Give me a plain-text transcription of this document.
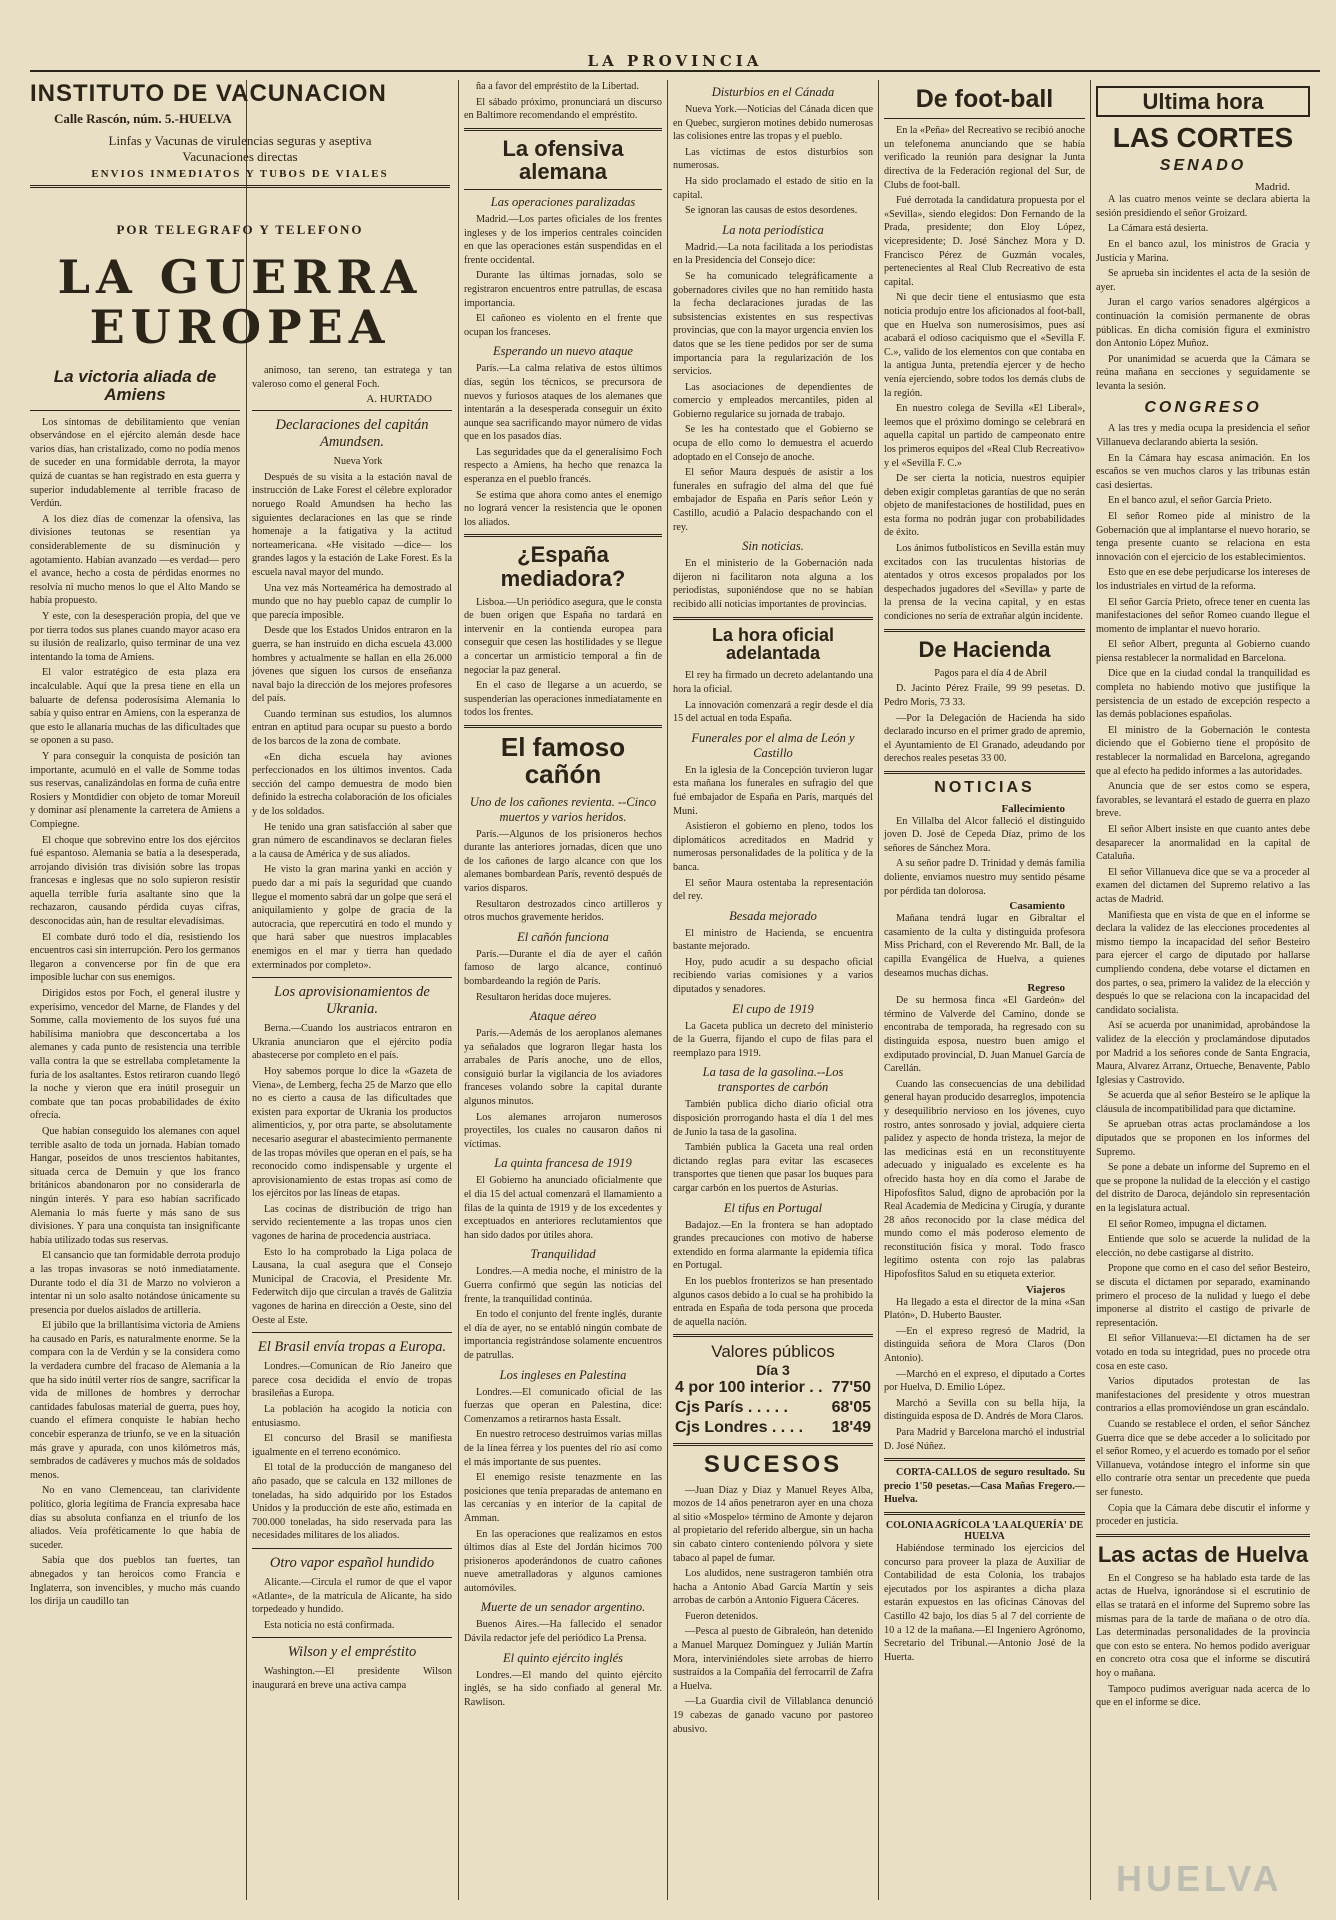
LA PROVINCIA
INSTITUTO DE VACUNACION
Calle Rascón, núm. 5.-HUELVA
Linfas y Vacunas de virulencias seguras y aseptiva
Vacunaciones directas
ENVIOS INMEDIATOS Y TUBOS DE VIALES
POR TELEGRAFO Y TELEFONO
LA GUERRA
EUROPEA
La victoria aliada de Amiens

Los síntomas de debilitamiento que venían observándose en el ejército alemán desde hace varios días, han cristalizado, como no podía menos de suceder en una formidable derrota, la mayor quizá de cuantas se han registrado en esta guerra y superior indudablemente al terrible fracaso de Verdún.

A los diez días de comenzar la ofensiva, las divisiones teutonas se resentían ya considerablemente de su disminución y agotamiento. Habían avanzado —es verdad— pero el avance, hecho a costa de pérdidas enormes no resolvía ni mucho menos lo que el Alto Mando se había propuesto.

Y este, con la desesperación propia, del que ve por tierra todos sus planes cuando mayor acaso era su ilusión de realizarlo, quiso terminar de una vez intentando la toma de Amiens.

El valor estratégico de esta plaza era incalculable. Aquí que la presa tiene en ella un baluarte de defensa poderosísima Alemania lo sabía y quiso entrar en Amiens, con la esperanza de que esto le allanaría muchas de las dificultades que se oponen a su paso.

Y para conseguir la conquista de posición tan importante, acumuló en el valle de Somme todas sus reservas, canalizándolas en forma de cuña entre Rosiers y Montdidier con objeto de tomar Moreuil y dominar así plenamente la carretera de Amiens a Compiegne.

El choque que sobrevino entre los dos ejércitos fué espantoso. Alemania se batía a la desesperada, arrojando división tras división sobre las tropas francesas e inglesas que no solo supieron resistir aquella terrible furia asaltante sino que la rechazaron, causando pérdida cuyas cifras, desconocidas aún, han de resultar elevadísimas.

El combate duró todo el día, resistiendo los encuentros casi sin interrupción. Pero los germanos llegaron a convencerse por fin de que era imposible luchar con sus enemigos.

Dirigidos estos por Foch, el general ilustre y experísimo, vencedor del Marne, de Flandes y del Somme, calla moviemento de los suyos fué una habilísima maniobra que desconcertaba a los alemanes y cada punto de resistencia una terrible valla contra la que se estrellaba completamente la furia de los asaltantes. Estos retiraron cuando llegó la noche y vieron que era inútil proseguir un combate que tan pocas probabilidades de éxito ofrecía.

Que habían conseguido los alemanes con aquel terrible asalto de toda un jornada. Habían tomado Hangar, poseídos de unos trescientos habitantes, situada cerca de Demuin y que los franco británicos abandonaron por no considerarla de ningún interés. Y para eso habían sacrificado Alemania lo más fuerte y más sano de sus divisiones. Y para una conquista tan insignificante había utilizado todas sus reservas.

El cansancio que tan formidable derrota produjo a las tropas invasoras se notó inmediatamente. Durante todo el día 31 de Marzo no volvieron a intentar ni un solo asalto notándose únicamente su presencia por duelos aislados de artillería.

El júbilo que la brillantísima victoria de Amiens ha causado en París, es naturalmente enorme. Se la compara con la de Verdún y se la considera como la verdadera cumbre del fracaso de Alemania a la que ha sido inútil verter ríos de sangre, sacrificar la vida de millones de hombres y derrochar cantidades fabulosas material de guerra, pues hoy, cuando el efímera conquiste le habían hecho concebir esperanza de triunfo, se ve en la situación más grave y apurada, con unos kilómetros más, sembrados de cadáveres y muchos más de soldados menos.

No en vano Clemenceau, tan clarividente político, gloria legítima de Francia expresaba hace días su absoluta confianza en el triunfo de los aliados. Veía proféticamente lo que había de suceder.

Sabía que dos pueblos tan fuertes, tan abnegados y tan heroicos como Francia e Inglaterra, son invencibles, y mucho más cuando los dirija un caudillo tan

animoso, tan sereno, tan estratega y tan valeroso como el general Foch.

A. HURTADO
Declaraciones del capitán Amundsen.

Nueva York

Después de su visita a la estación naval de instrucción de Lake Forest el célebre explorador noruego Roald Amundsen ha hecho las siguientes declaraciones en las que se rinde homenaje a la fatigativa y la actitud norteamericana. «He visitado —dice— los grandes lagos y la estación de Lake Forest. Es la escuela naval mayor del mundo.

Una vez más Norteamérica ha demostrado al mundo que no hay pueblo capaz de cumplir lo que parecía imposible.

Desde que los Estados Unidos entraron en la guerra, se han instruido en dicha escuela 43.000 hombres y actualmente se hallan en ella 26.000 jóvenes que siguen los cursos de enseñanza naval bajo la dirección de los mejores profesores del país.

Cuando terminan sus estudios, los alumnos entran en aptitud para ocupar su puesto a bordo de los barcos de la zona de combate.

«En dicha escuela hay aviones perfeccionados en los últimos inventos. Cada sección del campo demuestra de modo bien definido la estrecha colaboración de los oficiales y de los soldados.

He tenido una gran satisfacción al saber que gran número de escandinavos se declaran fieles a la causa de América y de sus aliados.

He visto la gran marina yanki en acción y puedo dar a mi país la seguridad que cuando llegue el momento sabrá dar un golpe que será el aniquilamiento y golpe de gracia de la autocracia, que repercutirá en todo el mundo y que hará saber que nuestros implacables enemigos en el mar y tierra han quedado exterminados por completo».

Los aprovisionamientos de Ukrania.

Berna.—Cuando los austriacos entraron en Ukrania anunciaron que el ejército podía abastecerse por completo en el país.

Hoy sabemos porque lo dice la «Gazeta de Viena», de Lemberg, fecha 25 de Marzo que ello no es cierto a causa de las dificultades que existen para exportar de Ukrania los productos alimenticios, y, por otra parte, se absolutamente necesario asegurar el abastecimiento permanente de las tropas móviles que operan en el país, se ha reconocido como indispensable y urgente el aprovisionamiento de estas tropas así como de los ejércitos por las líneas de etapas.

Las cocinas de distribución de trigo han servido recientemente a las tropas unos cien vagones de harina de procedencia austriaca.

Esto lo ha comprobado la Liga polaca de Lausana, la cual asegura que el Consejo Municipal de Cracovia, el Presidente Mr. Federwitch dijo que circulan a través de Galitzia vagones de harina en dirección a Oeste, sino del Oeste al Este.

El Brasil envía tropas a Europa.

Londres.—Comunican de Río Janeiro que parece cosa decidida el envío de tropas brasileñas a Europa.

La población ha acogido la noticia con entusiasmo.

El concurso del Brasil se manifiesta igualmente en el terreno económico.

El total de la producción de manganeso del año pasado, que se calcula en 132 millones de toneladas, ha sido adquirido por los Estados Unidos y la producción de este año, estimada en 700.000 toneladas, ha sido reservada para las necesidades militares de los aliados.

Otro vapor español hundido

Alicante.—Circula el rumor de que el vapor «Atlante», de la matrícula de Alicante, ha sido torpedeado y hundido.

Esta noticia no está confirmada.

Wilson y el empréstito

Washington.—El presidente Wilson inaugurará en breve una activa campa

ña a favor del empréstito de la Libertad.

El sábado próximo, pronunciará un discurso en Baltimore recomendando el empréstito.

La ofensiva alemana
Las operaciones paralizadas

Madrid.—Los partes oficiales de los frentes ingleses y de los imperios centrales coinciden en que las operaciones están suspendidas en el frente occidental.

Durante las últimas jornadas, solo se registraron encuentros entre patrullas, de escasa importancia.

El cañoneo es violento en el frente que ocupan los franceses.

Esperando un nuevo ataque

París.—La calma relativa de estos últimos días, según los técnicos, se precursora de nuevos y furiosos ataques de los alemanes que intentarán a la desesperada conseguir un éxito aunque sea sacrificando mayor número de vidas que en los pasados días.

Las seguridades que da el generalísimo Foch respecto a Amiens, ha hecho que renazca la esperanza en el pueblo francés.

Se estima que ahora como antes el enemigo no logrará vencer la resistencia que le oponen los aliados.

¿España mediadora?

Lisboa.—Un periódico asegura, que le consta de buen origen que España no tardará en intervenir en la contienda europea para conseguir que cesen las hostilidades y se llegue a concertar un armisticio temporal a fin de negociar la paz general.

En el caso de llegarse a un acuerdo, se suspenderían las operaciones inmediatamente en todos los frentes.

El famoso cañón
Uno de los cañones revienta. --Cinco muertos y varios heridos.

París.—Algunos de los prisioneros hechos durante las anteriores jornadas, dicen que uno de los cañones de largo alcance con que los alemanes bombardean París, reventó después de varios disparos.

Resultaron destrozados cinco artilleros y otros muchos gravemente heridos.

El cañón funciona

París.—Durante el día de ayer el cañón famoso de largo alcance, continuó bombardeando la región de París.

Resultaron heridas doce mujeres.

Ataque aéreo

París.—Además de los aeroplanos alemanes ya señalados que lograron llegar hasta los arrabales de París anoche, uno de ellos, consiguió burlar la vigilancia de los aviadores franceses volando sobre la capital durante algunos minutos.

Los alemanes arrojaron numerosos proyectiles, los cuales no causaron daños ni víctimas.

La quinta francesa de 1919

El Gobierno ha anunciado oficialmente que el día 15 del actual comenzará el llamamiento a filas de la quinta de 1919 y de los excedentes y exceptuados en anteriores reclutamientos que han sido dados por útiles ahora.

Tranquilidad

Londres.—A media noche, el ministro de la Guerra confirmó que según las noticias del frente, la tranquilidad continúa.

En todo el conjunto del frente inglés, durante el día de ayer, no se entabló ningún combate de importancia registrándose solamente encuentros de patrullas.

Los ingleses en Palestina

Londres.—El comunicado oficial de las fuerzas que operan en Palestina, dice: Comenzamos a retirarnos hasta Essalt.

En nuestro retroceso destruimos varias millas de la línea férrea y los puentes del río así como el más importante de sus puentes.

El enemigo resiste tenazmente en las posiciones que tenía preparadas de antemano en las cercanías y en interior de la capital de Amman.

En las operaciones que realizamos en estos últimos días al Este del Jordán hicimos 700 prisioneros apoderándonos de cuatro cañones nueve ametralladoras y algunos camiones automóviles.

Muerte de un senador argentino.

Buenos Aires.—Ha fallecido el senador Dávila redactor jefe del periódico La Prensa.

El quinto ejército inglés

Londres.—El mando del quinto ejército inglés, se ha sido confiado al general Mr. Rawlison.

Disturbios en el Cánada

Nueva York.—Noticias del Cánada dicen que en Quebec, surgieron motines debido numerosas las colisiones entre las tropas y el pueblo.

Las víctimas de estos disturbios son numerosas.

Ha sido proclamado el estado de sitio en la capital.

Se ignoran las causas de estos desordenes.

La nota periodística

Madrid.—La nota facilitada a los periodistas en la Presidencia del Consejo dice:

Se ha comunicado telegráficamente a gobernadores civiles que no han remitido hasta la fecha declaraciones juradas de las subsistencias existentes en sus respectivas provincias, que con la mayor urgencia envíen los datos que se les tiene pedidos por ser de suma importancia para la regularización de los servicios.

Las asociaciones de dependientes de comercio y empleados mercantiles, piden al Gobierno regularice su jornada de trabajo.

Se les ha contestado que el Gobierno se ocupa de ello como lo demuestra el acuerdo adoptado en el Consejo de anoche.

El señor Maura después de asistir a los funerales en sufragio del alma del que fué embajador de España en París señor León y Castillo, acudió a Palacio despachando con el rey.

Sin noticias.

En el ministerio de la Gobernación nada dijeron ni facilitaron nota alguna a los periodistas, suponiéndose que no se habían recibido allí noticias importantes de provincias.

La hora oficial adelantada

El rey ha firmado un decreto adelantando una hora la oficial.

La innovación comenzará a regir desde el día 15 del actual en toda España.

Funerales por el alma de León y Castillo

En la iglesia de la Concepción tuvieron lugar esta mañana los funerales en sufragio del que fué embajador de España en París, marqués del Muni.

Asistieron el gobierno en pleno, todos los diplomáticos acreditados en Madrid y numerosas personalidades de la política y de la banca.

El señor Maura ostentaba la representación del rey.

Besada mejorado

El ministro de Hacienda, se encuentra bastante mejorado.

Hoy, pudo acudir a su despacho oficial recibiendo varias comisiones y a varios diputados y senadores.

El cupo de 1919

La Gaceta publica un decreto del ministerio de la Guerra, fijando el cupo de filas para el reemplazo para 1919.

La tasa de la gasolina.--Los transportes de carbón

También publica dicho diario oficial otra disposición prorrogando hasta el día 1 del mes de Junio la tasa de la gasolina.

También publica la Gaceta una real orden dictando reglas para evitar las escaseces transportes que tienen que pasar los buques para cargar carbón en los puertos de Asturias.

El tifus en Portugal

Badajoz.—En la frontera se han adoptado grandes precauciones con motivo de haberse extendido en forma alarmante la epidemia tífica en Portugal.

En los pueblos fronterizos se han presentado algunos casos debido a lo cual se ha prohibido la entrada en España de toda persona que proceda de aquella nación.

Valores públicos
Día 3
4 por 100 interior . .	77'50
Cjs París . . . . .	68'05
Cjs Londres . . . .	18'49
SUCESOS

—Juan Díaz y Díaz y Manuel Reyes Alba, mozos de 14 años penetraron ayer en una choza al sitio «Mospelo» término de Amonte y dejaron al propietario del referido albergue, sin un hacha sin cabato cintero conteniendo pólvora y siete tabaco al papel de fumar.

Los aludidos, nene sustrageron también otra hacha a Antonio Abad García Martín y seis arrobas de carbón a Antonio Figuera Cáceres.

Fueron detenidos.

—Pesca al puesto de Gibraleón, han detenido a Manuel Marquez Domínguez y Julián Martín Mora, interviniéndoles siete arrobas de hierro sustraídos a la Compañía del ferrocarril de Zafra a Huelva.

—La Guardia civil de Villablanca denunció 19 cabezas de ganado vacuno por pastoreo abusivo.

De foot-ball

En la «Peña» del Recreativo se recibió anoche un telefonema anunciando que se había verificado la reunión para designar la Junta directiva de la Federación regional del Sur, de Clubs de foot-ball.

Fué derrotada la candidatura propuesta por el «Sevilla», siendo elegidos: Don Fernando de la Prada, presidente; don Eloy López, vicepresidente; D. José Sánchez Mora y D. Francisco Pérez de Guzmán vocales, pertenecientes al Real Club Recreativo de esta capital.

Ni que decir tiene el entusiasmo que esta noticia produjo entre los aficionados al foot-ball, que en Huelva son numerosísimos, pues así acabará el odioso caciquismo que el «Sevilla F. C.», valido de los elementos con que contaba en la antigua Junta, pretendía ejercer y de hecho venía ejerciendo, sobre todos los demás clubs de la región.

En nuestro colega de Sevilla «El Liberal», leemos que el próximo domingo se celebrará en aquella capital un partido de campeonato entre los primeros equipos del «Real Club Recreativo» y el «Sevilla F. C.»

De ser cierta la noticia, nuestros equipier deben exigir completas garantías de que no serán objeto de manifestaciones de hostilidad, pues en esta forma no podrán jugar con probabilidades de éxito.

Los ánimos futbolísticos en Sevilla están muy excitados con las truculentas historias de atentados y otros excesos propalados por los despechados jugadores del «Sevilla» y parte de la prensa de la vecina capital, y en estas condiciones no sería de extrañar algún incidente.

De Hacienda

Pagos para el día 4 de Abril

D. Jacinto Pérez Fraile, 99 99 pesetas. D. Pedro Moris, 73 33.

—Por la Delegación de Hacienda ha sido declarado incurso en el primer grado de apremio, el Ayuntamiento de El Granado, adeudando por derechos reales pesetas 33 00.

NOTICIAS
Fallecimiento

En Villalba del Alcor falleció el distinguido joven D. José de Cepeda Díaz, primo de los señores de Sánchez Mora.

A su señor padre D. Trinidad y demás familia doliente, enviamos nuestro muy sentido pésame por pérdida tan dolorosa.

Casamiento

Mañana tendrá lugar en Gibraltar el casamiento de la culta y distinguida profesora Miss Prichard, con el Reverendo Mr. Ball, de la capilla Evangélica de Huelva, a quienes deseamos muchas dichas.

Regreso

De su hermosa finca «El Gardeón» del término de Valverde del Camino, donde se encontraba de temporada, ha regresado con su distinguida esposa, nuestro buen amigo el exdiputado provincial, D. Juan Manuel García de Carellán.

Cuando las consecuencias de una debilidad general hayan producido desarreglos, impotencia y desequilibrio nervioso en los jóvenes, cuyo rostro, antes sonrosado y jovial, adquiere cierta palidez y aspecto de honda tristeza, la mejor de las medicinas está en un reconstituyente adecuado y inigualado es excelente es ha ofrecido hasta hoy en día como el Jarabe de Hipofosfitos Salud, digno de aprobación por la Real Academia de Medicina y Cirugía, y durante 28 años reconocido por la clase médica del mundo como el más poderoso elemento de reconstitución física y moral. Todo frasco legítimo ostenta con rojo las palabras Hipofosfitos Salud en su etiqueta exterior.

Viajeros

Ha llegado a esta el director de la mina «San Platón», D. Huberto Bauster.

—En el expreso regresó de Madrid, la distinguida señora de Mora Claros (Don Antonio).

—Marchó en el expreso, el diputado a Cortes por Huelva, D. Emilio López.

Marchó a Sevilla con su bella hija, la distinguida esposa de D. Andrés de Mora Claros.

Para Madrid y Barcelona marchó el industrial D. José Núñez.

CORTA-CALLOS de seguro resultado. Su precio 1'50 pesetas.—Casa Mañas Fregero.—Huelva.

COLONIA AGRÍCOLA 'LA ALQUERÍA' DE HUELVA

Habiéndose terminado los ejercicios del concurso para proveer la plaza de Auxiliar de Contabilidad de esta Colonia, los trabajos ejecutados por los aspirantes a dicha plaza estarán expuestos en las oficinas Cánovas del Castillo 42 bajo, los días 5 al 7 del corriente de 10 a 12 de la mañana.—El Ingeniero Agrónomo, Secretario del Tribunal.—Antonio José de la Huerta.

Ultima hora
LAS CORTES
SENADO
Madrid.

A las cuatro menos veinte se declara abierta la sesión presidiendo el señor Groizard.

La Cámara está desierta.

En el banco azul, los ministros de Gracia y Justicia y Marina.

Se aprueba sin incidentes el acta de la sesión de ayer.

Juran el cargo varios senadores algérgicos a continuación la comisión permanente de obras públicas. En dicha comisión figura el exministro don Antonio López Muñoz.

Por unanimidad se acuerda que la Cámara se reúna mañana en secciones y seguidamente se levanta la sesión.

CONGRESO

A las tres y media ocupa la presidencia el señor Villanueva declarando abierta la sesión.

En la Cámara hay escasa animación. En los escaños se ven muchos claros y las tribunas están casi desiertas.

En el banco azul, el señor García Prieto.

El señor Romeo pide al ministro de la Gobernación que al implantarse el nuevo horario, se tenga presente cuanto se relaciona en esta innovación con el ejercicio de los establecimientos.

Esto que en ese debe perjudicarse los intereses de los industriales en virtud de la reforma.

El señor García Prieto, ofrece tener en cuenta las manifestaciones del señor Romeo cuando llegue el momento de implantar el nuevo horario.

El señor Albert, pregunta al Gobierno cuando piensa restablecer la normalidad en Barcelona.

Dice que en la ciudad condal la tranquilidad es completa no habiendo motivo que justifique la persistencia de un estado de excepción respecto a las demás poblaciones españolas.

El ministro de la Gobernación le contesta diciendo que el Gobierno tiene el propósito de restablecer la normalidad en Barcelona, agregando que al efecto ha pedido informes a las autoridades.

Anuncia que de ser estos como se espera, favorables, se levantará el estado de guerra en plazo breve.

El señor Albert insiste en que cuanto antes debe desaparecer la anormalidad en la capital de Cataluña.

El señor Villanueva dice que se va a proceder al examen del dictamen del Supremo relativo a las actas de Madrid.

Manifiesta que en vista de que en el informe se declara la validez de las elecciones procedentes al mismo tiempo la incapacidad del señor Besteiro para ejercer el cargo de diputado por hallarse cumpliendo condena, debe votarse el dictamen en dos partes, o sea, primero la validez de la elección y después lo que se relaciona con la incapacidad del candidato socialista.

Así se acuerda por unanimidad, aprobándose la validez de la elección y proclamándose diputados por Madrid a los señores conde de Santa Engracia, Maura, Alvarez Arranz, Ortueche, Benavente, Pablo Iglesias y Castrovido.

Se acuerda que al señor Besteiro se le aplique la cláusula de incompatibilidad para que dictamine.

Se aprueban otras actas proclamándose a los diputados que se proponen en los informes del Supremo.

Se pone a debate un informe del Supremo en el que se propone la nulidad de la elección y el castigo del distrito de Daroca, dejándolo sin representación en la legislatura actual.

El señor Romeo, impugna el dictamen.

Entiende que solo se acuerde la nulidad de la elección, no debe castigarse al distrito.

Propone que como en el caso del señor Besteiro, se discuta el dictamen por separado, examinando primero el proceso de la nulidad y luego el debe imponerse al distrito el castigo de privarle de representación.

El señor Villanueva:—El dictamen ha de ser votado en toda su integridad, pues no procede otra cosa en este caso.

Varios diputados protestan de las manifestaciones del presidente y otros muestran contrarios a ellas promoviéndose un gran escándalo.

Cuando se restablece el orden, el señor Sánchez Guerra dice que se debe acceder a lo solicitado por el señor Romeo, y el acuerdo es tomado por el señor Villanueva, votándose íntegro el informe sin que ello contraríe otra sentar un precedente que pueda ser funesto.

Copia que la Cámara debe discutir el informe y proceder en justicia.

Las actas de Huelva

En el Congreso se ha hablado esta tarde de las actas de Huelva, ignorándose si el escrutinio de ellas se tratará en el informe del Supremo sobre las mismas para de la tarde de mañana o de otro día. Las determinadas personalidades de la provincia que con esto se entera. No hemos podido averiguar en concreto otra cosa que el informe se discutirá hoy o mañana.

Tampoco pudimos averiguar nada acerca de lo que en el informe se dice.

HUELVA
